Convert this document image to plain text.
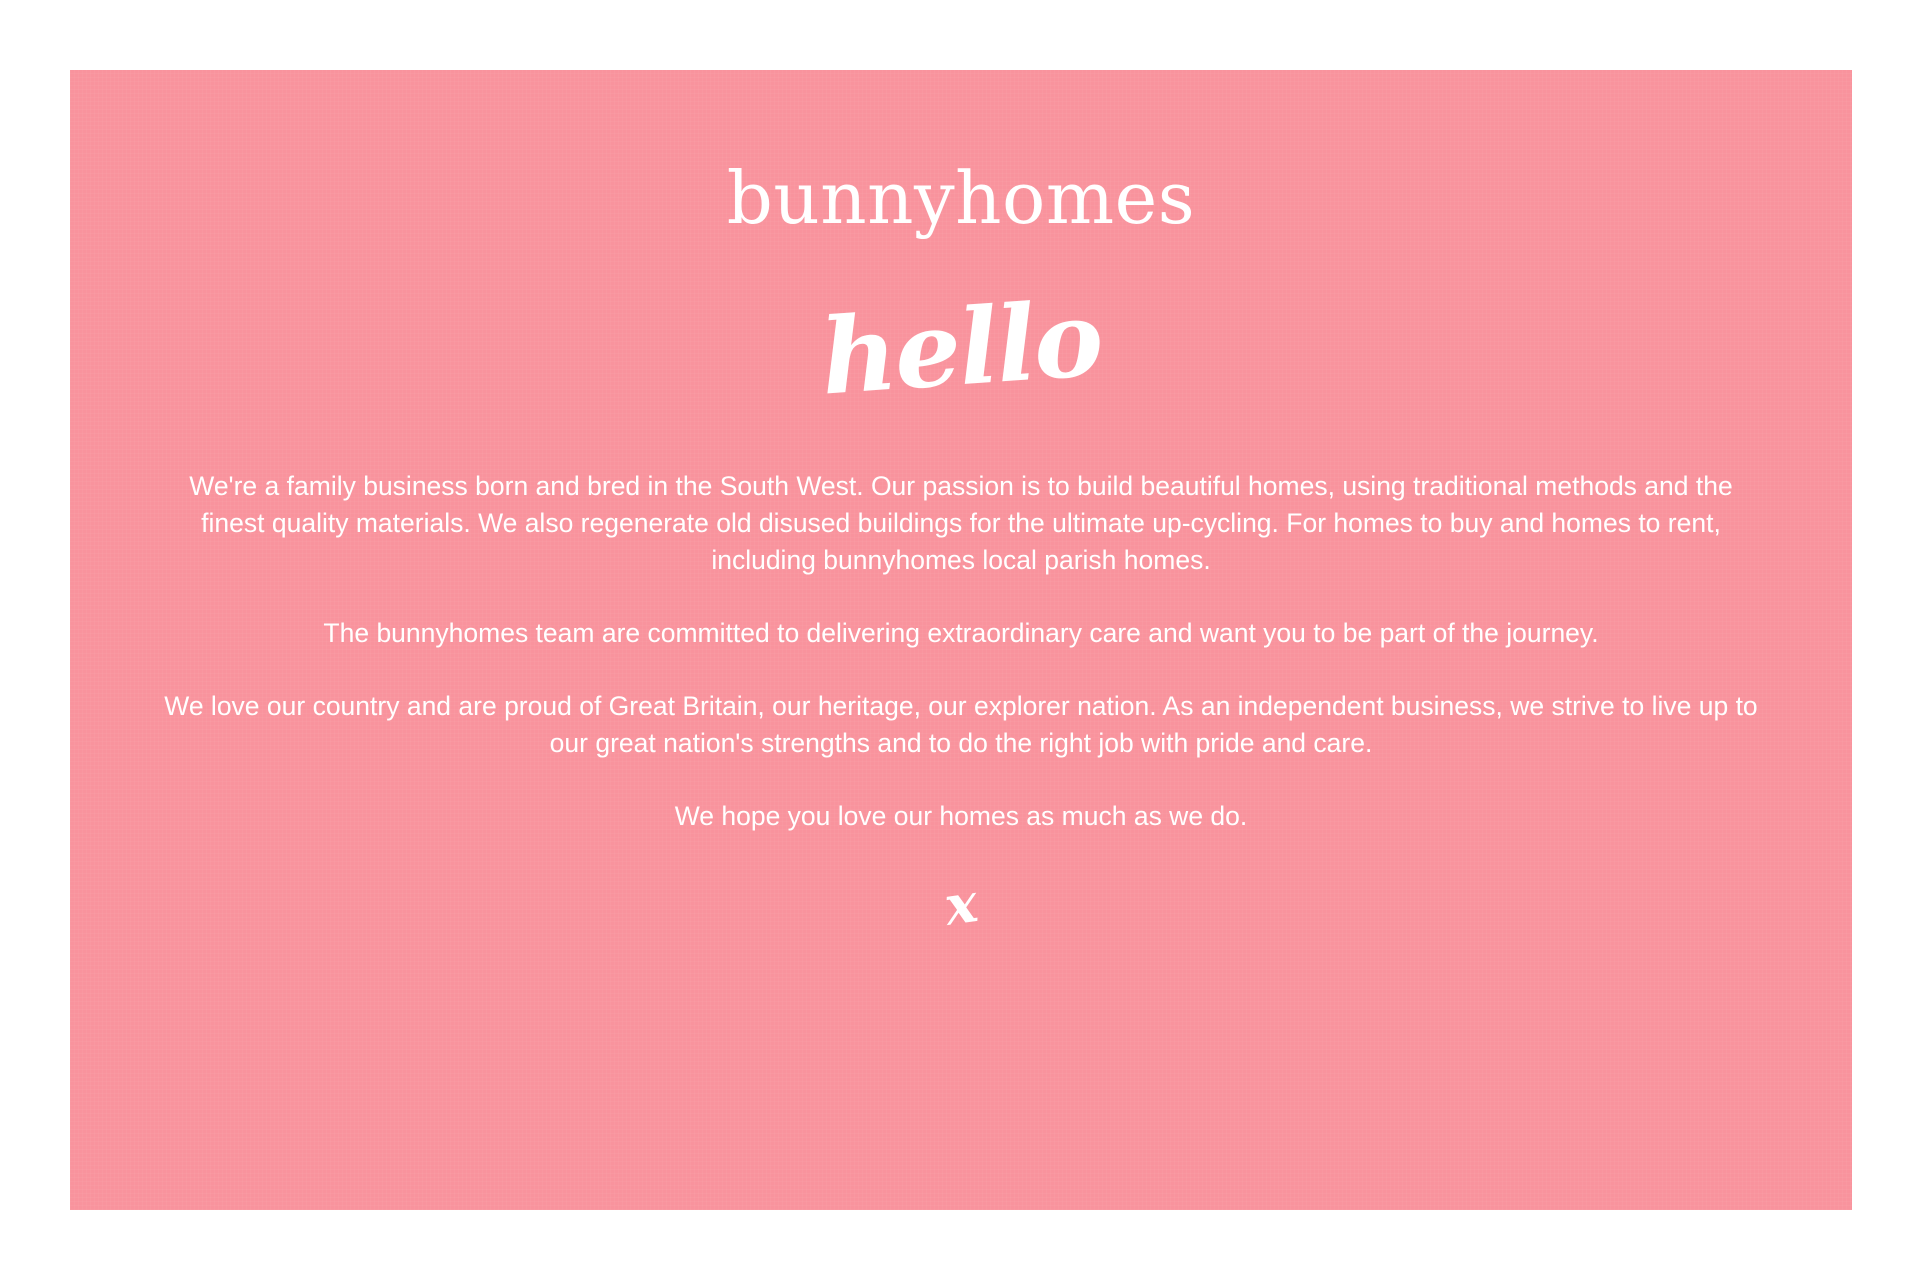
bunnyhomes
hello

We're a family business born and bred in the South West. Our passion is to build beautiful homes, using traditional methods and the finest quality materials. We also regenerate old disused buildings for the ultimate up-cycling. For homes to buy and homes to rent, including bunnyhomes local parish homes.

The bunnyhomes team are committed to delivering extraordinary care and want you to be part of the journey.

We love our country and are proud of Great Britain, our heritage, our explorer nation. As an independent business, we strive to live up to our great nation's strengths and to do the right job with pride and care.

We hope you love our homes as much as we do.

x
